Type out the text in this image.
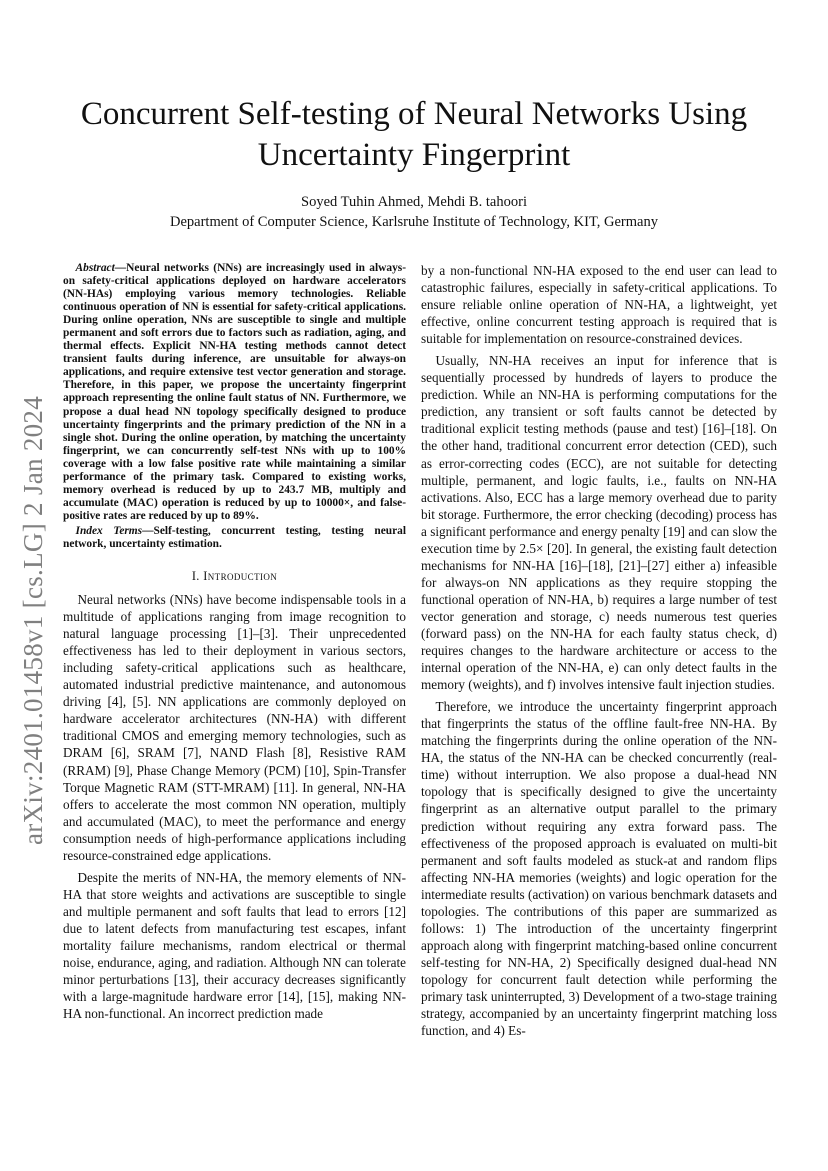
Concurrent Self-testing of Neural Networks Using Uncertainty Fingerprint
Soyed Tuhin Ahmed, Mehdi B. tahoori
Department of Computer Science, Karlsruhe Institute of Technology, KIT, Germany
arXiv:2401.01458v1 [cs.LG] 2 Jan 2024

Abstract—Neural networks (NNs) are increasingly used in always-on safety-critical applications deployed on hardware accelerators (NN-HAs) employing various memory technologies. Reliable continuous operation of NN is essential for safety-critical applications. During online operation, NNs are susceptible to single and multiple permanent and soft errors due to factors such as radiation, aging, and thermal effects. Explicit NN-HA testing methods cannot detect transient faults during inference, are unsuitable for always-on applications, and require extensive test vector generation and storage. Therefore, in this paper, we propose the uncertainty fingerprint approach representing the online fault status of NN. Furthermore, we propose a dual head NN topology specifically designed to produce uncertainty fingerprints and the primary prediction of the NN in a single shot. During the online operation, by matching the uncertainty fingerprint, we can concurrently self-test NNs with up to 100% coverage with a low false positive rate while maintaining a similar performance of the primary task. Compared to existing works, memory overhead is reduced by up to 243.7 MB, multiply and accumulate (MAC) operation is reduced by up to 10000×, and false-positive rates are reduced by up to 89%.

Index Terms—Self-testing, concurrent testing, testing neural network, uncertainty estimation.

I. Introduction

Neural networks (NNs) have become indispensable tools in a multitude of applications ranging from image recognition to natural language processing [1]–[3]. Their unprecedented effectiveness has led to their deployment in various sectors, including safety-critical applications such as healthcare, automated industrial predictive maintenance, and autonomous driving [4], [5]. NN applications are commonly deployed on hardware accelerator architectures (NN-HA) with different traditional CMOS and emerging memory technologies, such as DRAM [6], SRAM [7], NAND Flash [8], Resistive RAM (RRAM) [9], Phase Change Memory (PCM) [10], Spin-Transfer Torque Magnetic RAM (STT-MRAM) [11]. In general, NN-HA offers to accelerate the most common NN operation, multiply and accumulated (MAC), to meet the performance and energy consumption needs of high-performance applications including resource-constrained edge applications.

Despite the merits of NN-HA, the memory elements of NN-HA that store weights and activations are susceptible to single and multiple permanent and soft faults that lead to errors [12] due to latent defects from manufacturing test escapes, infant mortality failure mechanisms, random electrical or thermal noise, endurance, aging, and radiation. Although NN can tolerate minor perturbations [13], their accuracy decreases significantly with a large-magnitude hardware error [14], [15], making NN-HA non-functional. An incorrect prediction made

by a non-functional NN-HA exposed to the end user can lead to catastrophic failures, especially in safety-critical applications. To ensure reliable online operation of NN-HA, a lightweight, yet effective, online concurrent testing approach is required that is suitable for implementation on resource-constrained devices.

Usually, NN-HA receives an input for inference that is sequentially processed by hundreds of layers to produce the prediction. While an NN-HA is performing computations for the prediction, any transient or soft faults cannot be detected by traditional explicit testing methods (pause and test) [16]–[18]. On the other hand, traditional concurrent error detection (CED), such as error-correcting codes (ECC), are not suitable for detecting multiple, permanent, and logic faults, i.e., faults on NN-HA activations. Also, ECC has a large memory overhead due to parity bit storage. Furthermore, the error checking (decoding) process has a significant performance and energy penalty [19] and can slow the execution time by 2.5× [20]. In general, the existing fault detection mechanisms for NN-HA [16]–[18], [21]–[27] either a) infeasible for always-on NN applications as they require stopping the functional operation of NN-HA, b) requires a large number of test vector generation and storage, c) needs numerous test queries (forward pass) on the NN-HA for each faulty status check, d) requires changes to the hardware architecture or access to the internal operation of the NN-HA, e) can only detect faults in the memory (weights), and f) involves intensive fault injection studies.

Therefore, we introduce the uncertainty fingerprint approach that fingerprints the status of the offline fault-free NN-HA. By matching the fingerprints during the online operation of the NN-HA, the status of the NN-HA can be checked concurrently (real-time) without interruption. We also propose a dual-head NN topology that is specifically designed to give the uncertainty fingerprint as an alternative output parallel to the primary prediction without requiring any extra forward pass. The effectiveness of the proposed approach is evaluated on multi-bit permanent and soft faults modeled as stuck-at and random flips affecting NN-HA memories (weights) and logic operation for the intermediate results (activation) on various benchmark datasets and topologies. The contributions of this paper are summarized as follows: 1) The introduction of the uncertainty fingerprint approach along with fingerprint matching-based online concurrent self-testing for NN-HA, 2) Specifically designed dual-head NN topology for concurrent fault detection while performing the primary task uninterrupted, 3) Development of a two-stage training strategy, accompanied by an uncertainty fingerprint matching loss function, and 4) Es-
